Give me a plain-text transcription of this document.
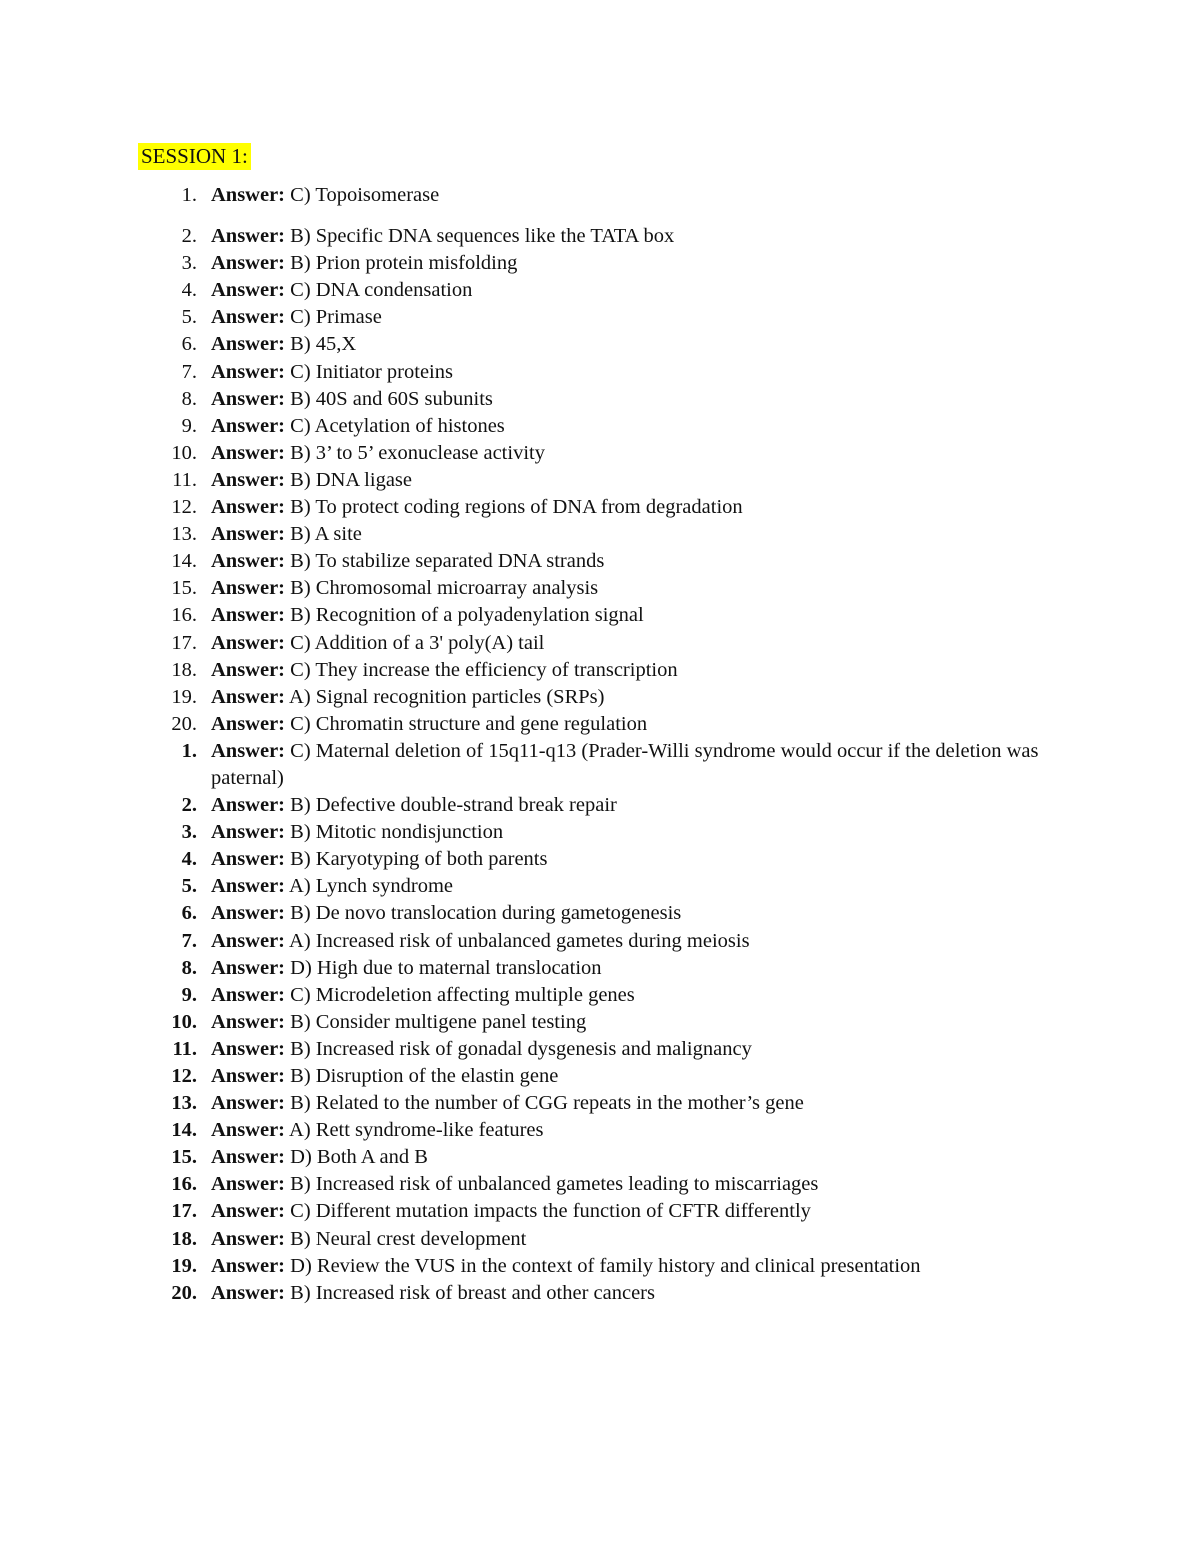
SESSION 1:
1. Answer: C) Topoisomerase
2. Answer: B) Specific DNA sequences like the TATA box
3. Answer: B) Prion protein misfolding
4. Answer: C) DNA condensation
5. Answer: C) Primase
6. Answer: B) 45,X
7. Answer: C) Initiator proteins
8. Answer: B) 40S and 60S subunits
9. Answer: C) Acetylation of histones
10. Answer: B) 3’ to 5’ exonuclease activity
11. Answer: B) DNA ligase
12. Answer: B) To protect coding regions of DNA from degradation
13. Answer: B) A site
14. Answer: B) To stabilize separated DNA strands
15. Answer: B) Chromosomal microarray analysis
16. Answer: B) Recognition of a polyadenylation signal
17. Answer: C) Addition of a 3' poly(A) tail
18. Answer: C) They increase the efficiency of transcription
19. Answer: A) Signal recognition particles (SRPs)
20. Answer: C) Chromatin structure and gene regulation
1. Answer: C) Maternal deletion of 15q11-q13 (Prader-Willi syndrome would occur if the deletion was paternal)
2. Answer: B) Defective double-strand break repair
3. Answer: B) Mitotic nondisjunction
4. Answer: B) Karyotyping of both parents
5. Answer: A) Lynch syndrome
6. Answer: B) De novo translocation during gametogenesis
7. Answer: A) Increased risk of unbalanced gametes during meiosis
8. Answer: D) High due to maternal translocation
9. Answer: C) Microdeletion affecting multiple genes
10. Answer: B) Consider multigene panel testing
11. Answer: B) Increased risk of gonadal dysgenesis and malignancy
12. Answer: B) Disruption of the elastin gene
13. Answer: B) Related to the number of CGG repeats in the mother’s gene
14. Answer: A) Rett syndrome-like features
15. Answer: D) Both A and B
16. Answer: B) Increased risk of unbalanced gametes leading to miscarriages
17. Answer: C) Different mutation impacts the function of CFTR differently
18. Answer: B) Neural crest development
19. Answer: D) Review the VUS in the context of family history and clinical presentation
20. Answer: B) Increased risk of breast and other cancers
